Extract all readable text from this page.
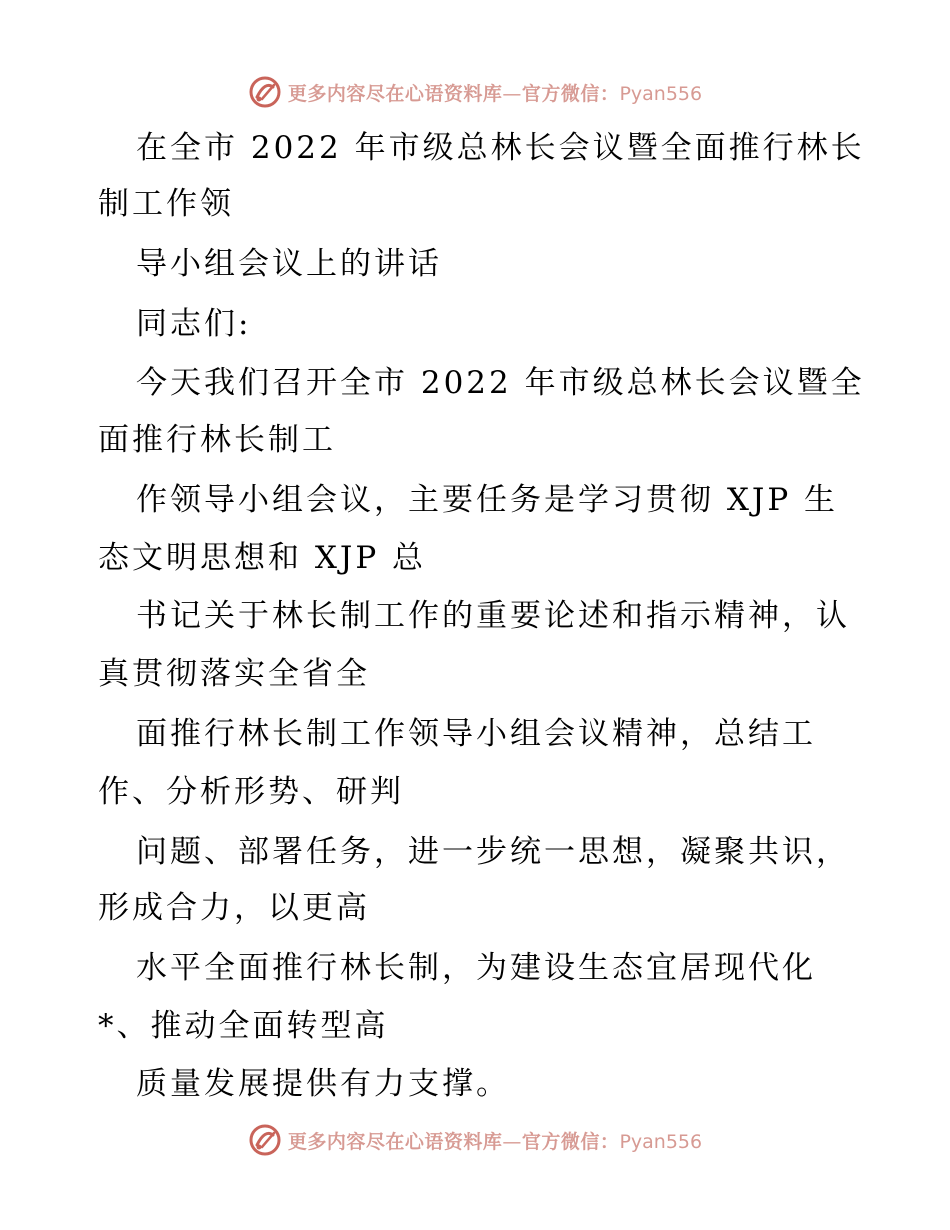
更多内容尽在心语资料库—官方微信：Pyan556
在全市 2022 年市级总林长会议暨全面推行林长
制工作领
导小组会议上的讲话
同志们:
今天我们召开全市 2022 年市级总林长会议暨全
面推行林长制工
作领导小组会议，主要任务是学习贯彻 XJP 生
态文明思想和 XJP 总
书记关于林长制工作的重要论述和指示精神，认
真贯彻落实全省全
面推行林长制工作领导小组会议精神，总结工
作、分析形势、研判
问题、部署任务，进一步统一思想，凝聚共识，
形成合力，以更高
水平全面推行林长制，为建设生态宜居现代化
*、推动全面转型高
质量发展提供有力支撑。
更多内容尽在心语资料库—官方微信：Pyan556
